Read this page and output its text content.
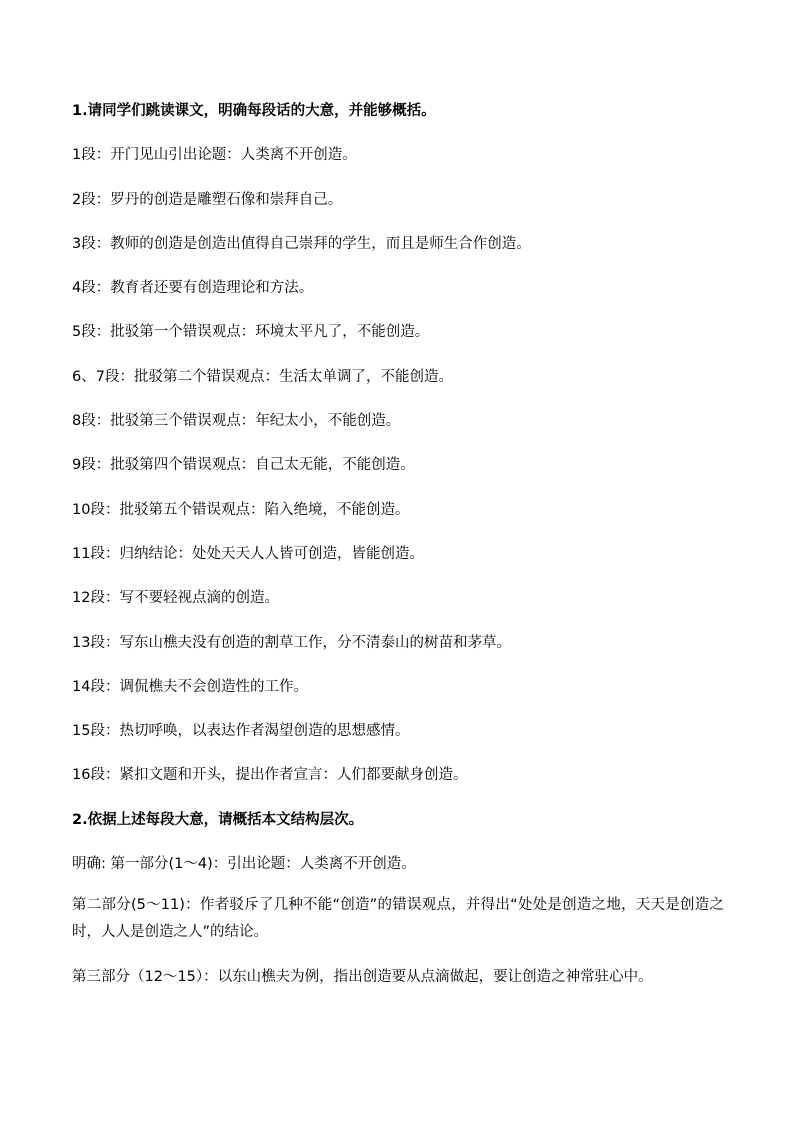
1.请同学们跳读课文，明确每段话的大意，并能够概括。
1段：开门见山引出论题：人类离不开创造。
2段：罗丹的创造是雕塑石像和崇拜自己。
3段：教师的创造是创造出值得自己崇拜的学生，而且是师生合作创造。
4段：教育者还要有创造理论和方法。
5段：批驳第一个错误观点：环境太平凡了，不能创造。
6、7段：批驳第二个错误观点：生活太单调了，不能创造。
8段：批驳第三个错误观点：年纪太小，不能创造。
9段：批驳第四个错误观点：自己太无能，不能创造。
10段：批驳第五个错误观点：陷入绝境，不能创造。
11段：归纳结论：处处天天人人皆可创造，皆能创造。
12段：写不要轻视点滴的创造。
13段：写东山樵夫没有创造的割草工作，分不清泰山的树苗和茅草。
14段：调侃樵夫不会创造性的工作。
15段：热切呼唤，以表达作者渴望创造的思想感情。
16段：紧扣文题和开头，提出作者宣言：人们都要献身创造。
2.依据上述每段大意，请概括本文结构层次。
明确: 第一部分(1～4)：引出论题：人类离不开创造。
第二部分(5～11)：作者驳斥了几种不能“创造”的错误观点，并得出“处处是创造之地，天天是创造之时，人人是创造之人”的结论。
第三部分（12～15）：以东山樵夫为例，指出创造要从点滴做起，要让创造之神常驻心中。
